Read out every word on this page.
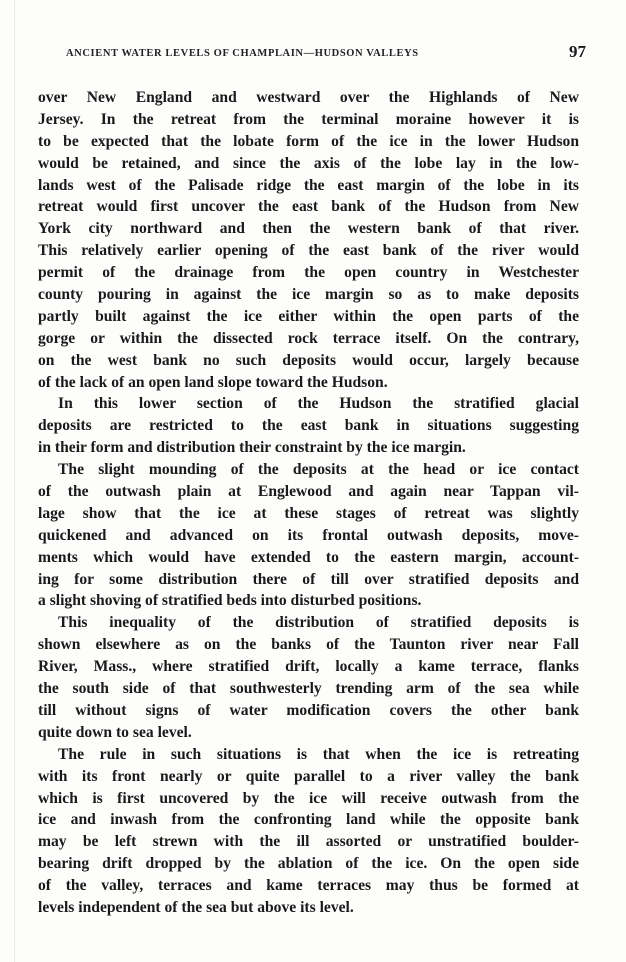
ANCIENT WATER LEVELS OF CHAMPLAIN—HUDSON VALLEYS	97
over New England and westward over the Highlands of New
Jersey. In the retreat from the terminal moraine however it is
to be expected that the lobate form of the ice in the lower Hudson
would be retained, and since the axis of the lobe lay in the low-
lands west of the Palisade ridge the east margin of the lobe in its
retreat would first uncover the east bank of the Hudson from New
York city northward and then the western bank of that river.
This relatively earlier opening of the east bank of the river would
permit of the drainage from the open country in Westchester
county pouring in against the ice margin so as to make deposits
partly built against the ice either within the open parts of the
gorge or within the dissected rock terrace itself. On the contrary,
on the west bank no such deposits would occur, largely because
of the lack of an open land slope toward the Hudson.
In this lower section of the Hudson the stratified glacial
deposits are restricted to the east bank in situations suggesting
in their form and distribution their constraint by the ice margin.
The slight mounding of the deposits at the head or ice contact
of the outwash plain at Englewood and again near Tappan vil-
lage show that the ice at these stages of retreat was slightly
quickened and advanced on its frontal outwash deposits, move-
ments which would have extended to the eastern margin, account-
ing for some distribution there of till over stratified deposits and
a slight shoving of stratified beds into disturbed positions.
This inequality of the distribution of stratified deposits is
shown elsewhere as on the banks of the Taunton river near Fall
River, Mass., where stratified drift, locally a kame terrace, flanks
the south side of that southwesterly trending arm of the sea while
till without signs of water modification covers the other bank
quite down to sea level.
The rule in such situations is that when the ice is retreating
with its front nearly or quite parallel to a river valley the bank
which is first uncovered by the ice will receive outwash from the
ice and inwash from the confronting land while the opposite bank
may be left strewn with the ill assorted or unstratified boulder-
bearing drift dropped by the ablation of the ice. On the open side
of the valley, terraces and kame terraces may thus be formed at
levels independent of the sea but above its level.
